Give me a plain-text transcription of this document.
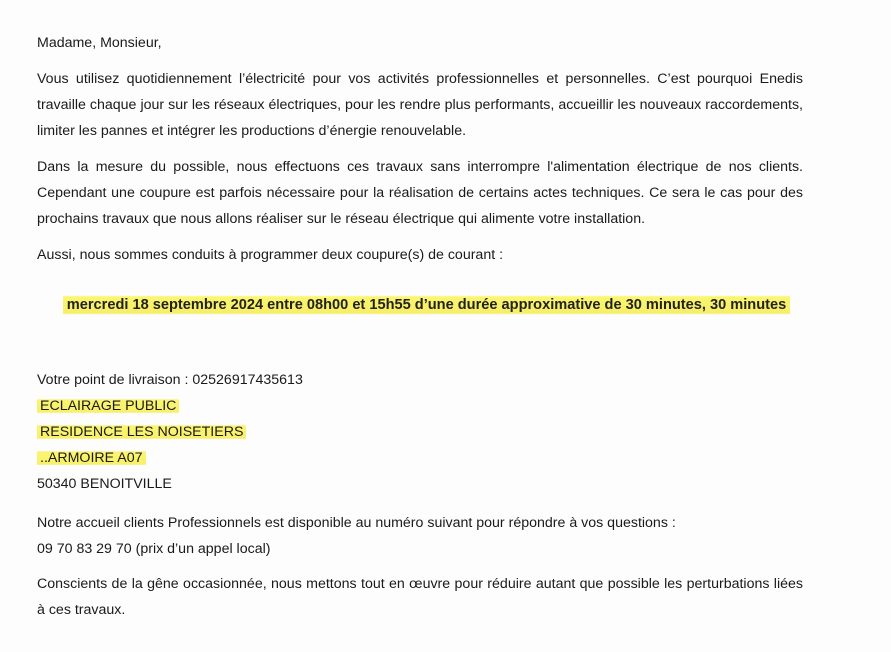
Madame, Monsieur,

Vous utilisez quotidiennement l’électricité pour vos activités professionnelles et personnelles. C’est pourquoi Enedis travaille chaque jour sur les réseaux électriques, pour les rendre plus performants, accueillir les nouveaux raccordements, limiter les pannes et intégrer les productions d’énergie renouvelable.

Dans la mesure du possible, nous effectuons ces travaux sans interrompre l'alimentation électrique de nos clients. Cependant une coupure est parfois nécessaire pour la réalisation de certains actes techniques. Ce sera le cas pour des prochains travaux que nous allons réaliser sur le réseau électrique qui alimente votre installation.

Aussi, nous sommes conduits à programmer deux coupure(s) de courant :

mercredi 18 septembre 2024 entre 08h00 et 15h55 d’une durée approximative de 30 minutes, 30 minutes
Votre point de livraison : 02526917435613
ECLAIRAGE PUBLIC
RESIDENCE LES NOISETIERS
..ARMOIRE A07
50340 BENOITVILLE
Notre accueil clients Professionnels est disponible au numéro suivant pour répondre à vos questions :
09 70 83 29 70 (prix d’un appel local)
Conscients de la gêne occasionnée, nous mettons tout en œuvre pour réduire autant que possible les perturbations liées à ces travaux.
